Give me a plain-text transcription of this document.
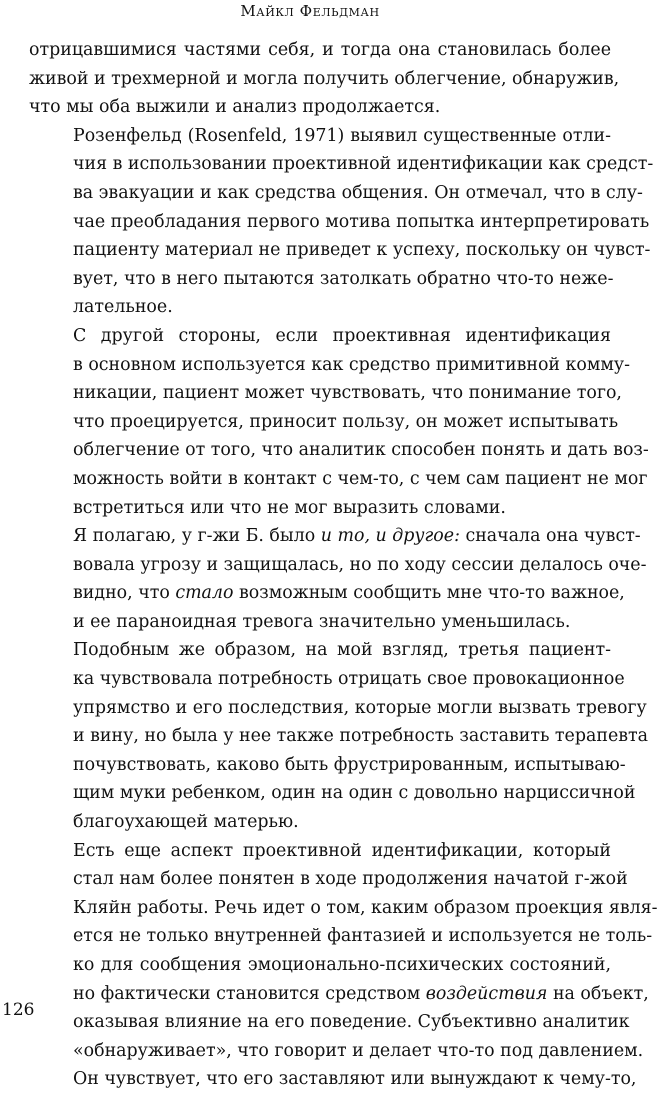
Майкл Фельдман

отрицавшимися частями себя, и тогда она становилась более
живой и трехмерной и могла получить облегчение, обнаружив,
что мы оба выжили и анализ продолжается.

Розенфельд (Rosenfeld, 1971) выявил существенные отли-
чия в использовании проективной идентификации как средст-
ва эвакуации и как средства общения. Он отмечал, что в слу-
чае преобладания первого мотива попытка интерпретировать
пациенту материал не приведет к успеху, поскольку он чувст-
вует, что в него пытаются затолкать обратно что-то неже-
лательное.

С другой стороны, если проективная идентификация
в основном используется как средство примитивной комму-
никации, пациент может чувствовать, что понимание того,
что проецируется, приносит пользу, он может испытывать
облегчение от того, что аналитик способен понять и дать воз-
можность войти в контакт с чем-то, с чем сам пациент не мог
встретиться или что не мог выразить словами.

Я полагаю, у г-жи Б. было и то, и другое: сначала она чувст-
вовала угрозу и защищалась, но по ходу сессии делалось оче-
видно, что стало возможным сообщить мне что-то важное,
и ее параноидная тревога значительно уменьшилась.

Подобным же образом, на мой взгляд, третья пациент-
ка чувствовала потребность отрицать свое провокационное
упрямство и его последствия, которые могли вызвать тревогу
и вину, но была у нее также потребность заставить терапевта
почувствовать, каково быть фрустрированным, испытываю-
щим муки ребенком, один на один с довольно нарциссичной
благоухающей матерью.

Есть еще аспект проективной идентификации, который
стал нам более понятен в ходе продолжения начатой г-жой
Кляйн работы. Речь идет о том, каким образом проекция явля-
ется не только внутренней фантазией и используется не толь-
ко для сообщения эмоционально-психических состояний,
но фактически становится средством воздействия на объект,
оказывая влияние на его поведение. Субъективно аналитик
«обнаруживает», что говорит и делает что-то под давлением.
Он чувствует, что его заставляют или вынуждают к чему-то,

126
